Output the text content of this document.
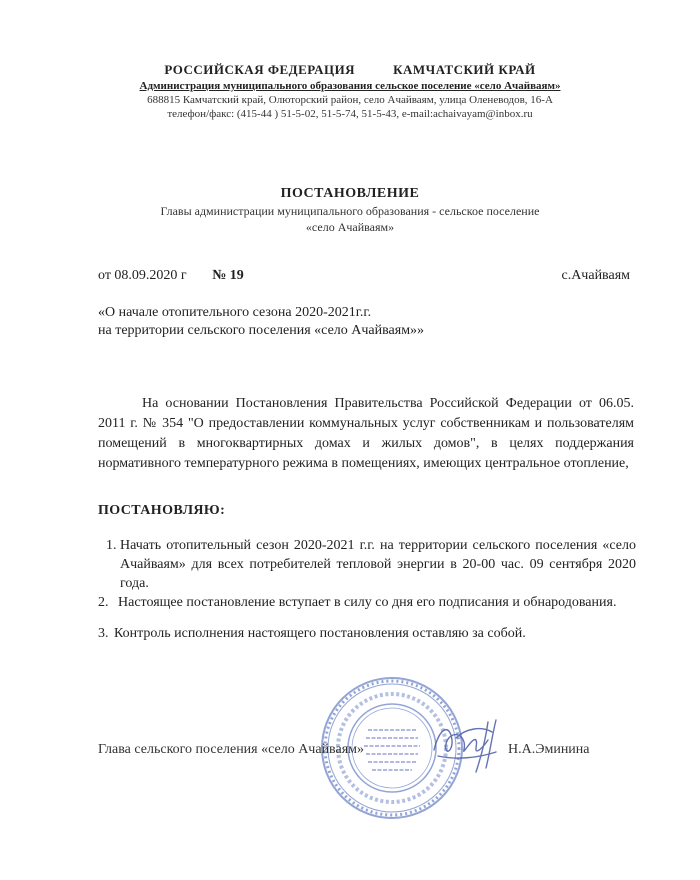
РОССИЙСКАЯ ФЕДЕРАЦИЯ	КАМЧАТСКИЙ КРАЙ
Администрация муниципального образования сельское поселение «село Ачайваям»
688815 Камчатский край, Олюторский район, село Ачайваям, улица Оленеводов, 16-А
телефон/факс: (415-44 ) 51-5-02, 51-5-74, 51-5-43, e-mail:achaivayam@inbox.ru
ПОСТАНОВЛЕНИЕ
Главы администрации муниципального образования - сельское поселение
«село Ачайваям»
от 08.09.2020 г № 19	с.Ачайваям
«О начале отопительного сезона 2020-2021г.г.
на территории сельского поселения «село Ачайваям»»
На основании Постановления Правительства Российской Федерации от 06.05. 2011 г. № 354 "О предоставлении коммунальных услуг собственникам и пользователям помещений в многоквартирных домах и жилых домов", в целях поддержания нормативного температурного режима в помещениях, имеющих центральное отопление,
ПОСТАНОВЛЯЮ:
1. Начать отопительный сезон 2020-2021 г.г. на территории сельского поселения «село Ачайваям» для всех потребителей тепловой энергии в 20-00 час. 09 сентября 2020 года.
2. Настоящее постановление вступает в силу со дня его подписания и обнародования.
3. Контроль исполнения настоящего постановления оставляю за собой.
Глава сельского поселения «село Ачайваям»	Н.А.Эминина
